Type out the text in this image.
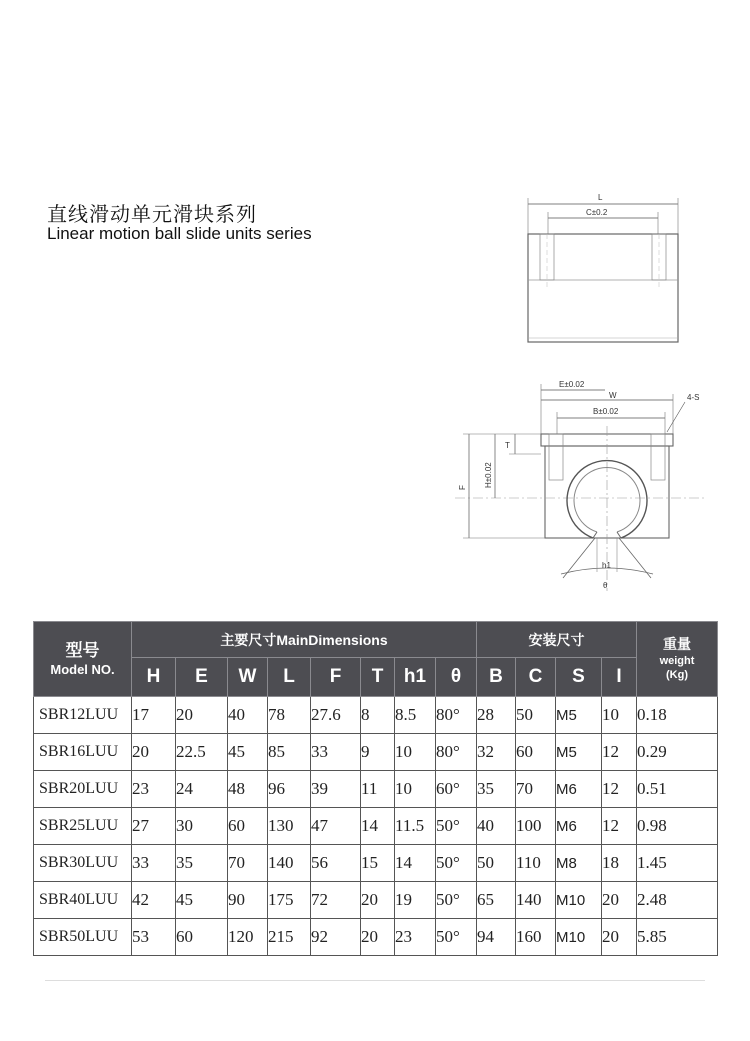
直线滑动单元滑块系列
Linear motion ball slide units series
L
C±0.2
E±0.02
W
B±0.02
4-S
θ
h1
T
H±0.02
F
型号
Model NO.	主要尺寸MainDimensions								安装尺寸				重量
weight
(Kg)
	H	E	W	L	F	T	h1	θ	B	C	S	I	
SBR12LUU	17	20	40	78	27.6	8	8.5	80°	28	50	M5	10	0.18
SBR16LUU	20	22.5	45	85	33	9	10	80°	32	60	M5	12	0.29
SBR20LUU	23	24	48	96	39	11	10	60°	35	70	M6	12	0.51
SBR25LUU	27	30	60	130	47	14	11.5	50°	40	100	M6	12	0.98
SBR30LUU	33	35	70	140	56	15	14	50°	50	110	M8	18	1.45
SBR40LUU	42	45	90	175	72	20	19	50°	65	140	M10	20	2.48
SBR50LUU	53	60	120	215	92	20	23	50°	94	160	M10	20	5.85
